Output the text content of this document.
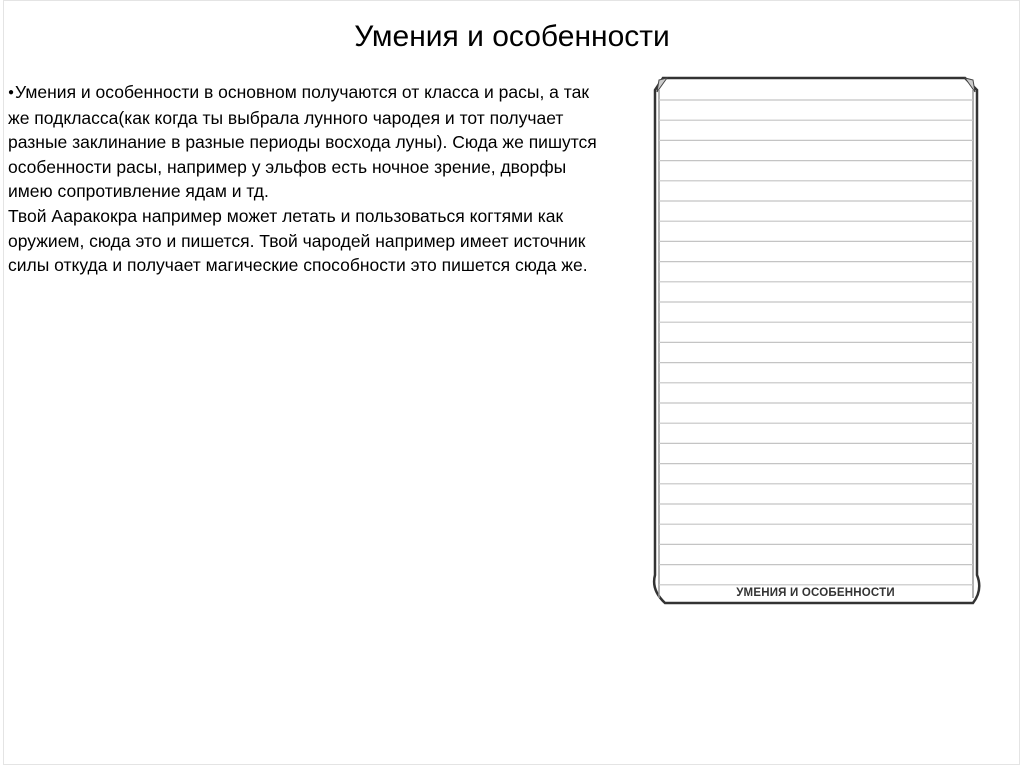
Умения и особенности

●Умения и особенности в основном получаются от класса и расы, а так же подкласса(как когда ты выбрала лунного чародея и тот получает разные заклинание в разные периоды восхода луны). Сюда же пишутся особенности расы, например у эльфов есть ночное зрение, дворфы имею сопротивление ядам и тд.

Твой Ааракокра например может летать и пользоваться когтями как оружием, сюда это и пишется. Твой чародей например имеет источник силы откуда и получает магические способности это пишется сюда же.

УМЕНИЯ И ОСОБЕННОСТИ
